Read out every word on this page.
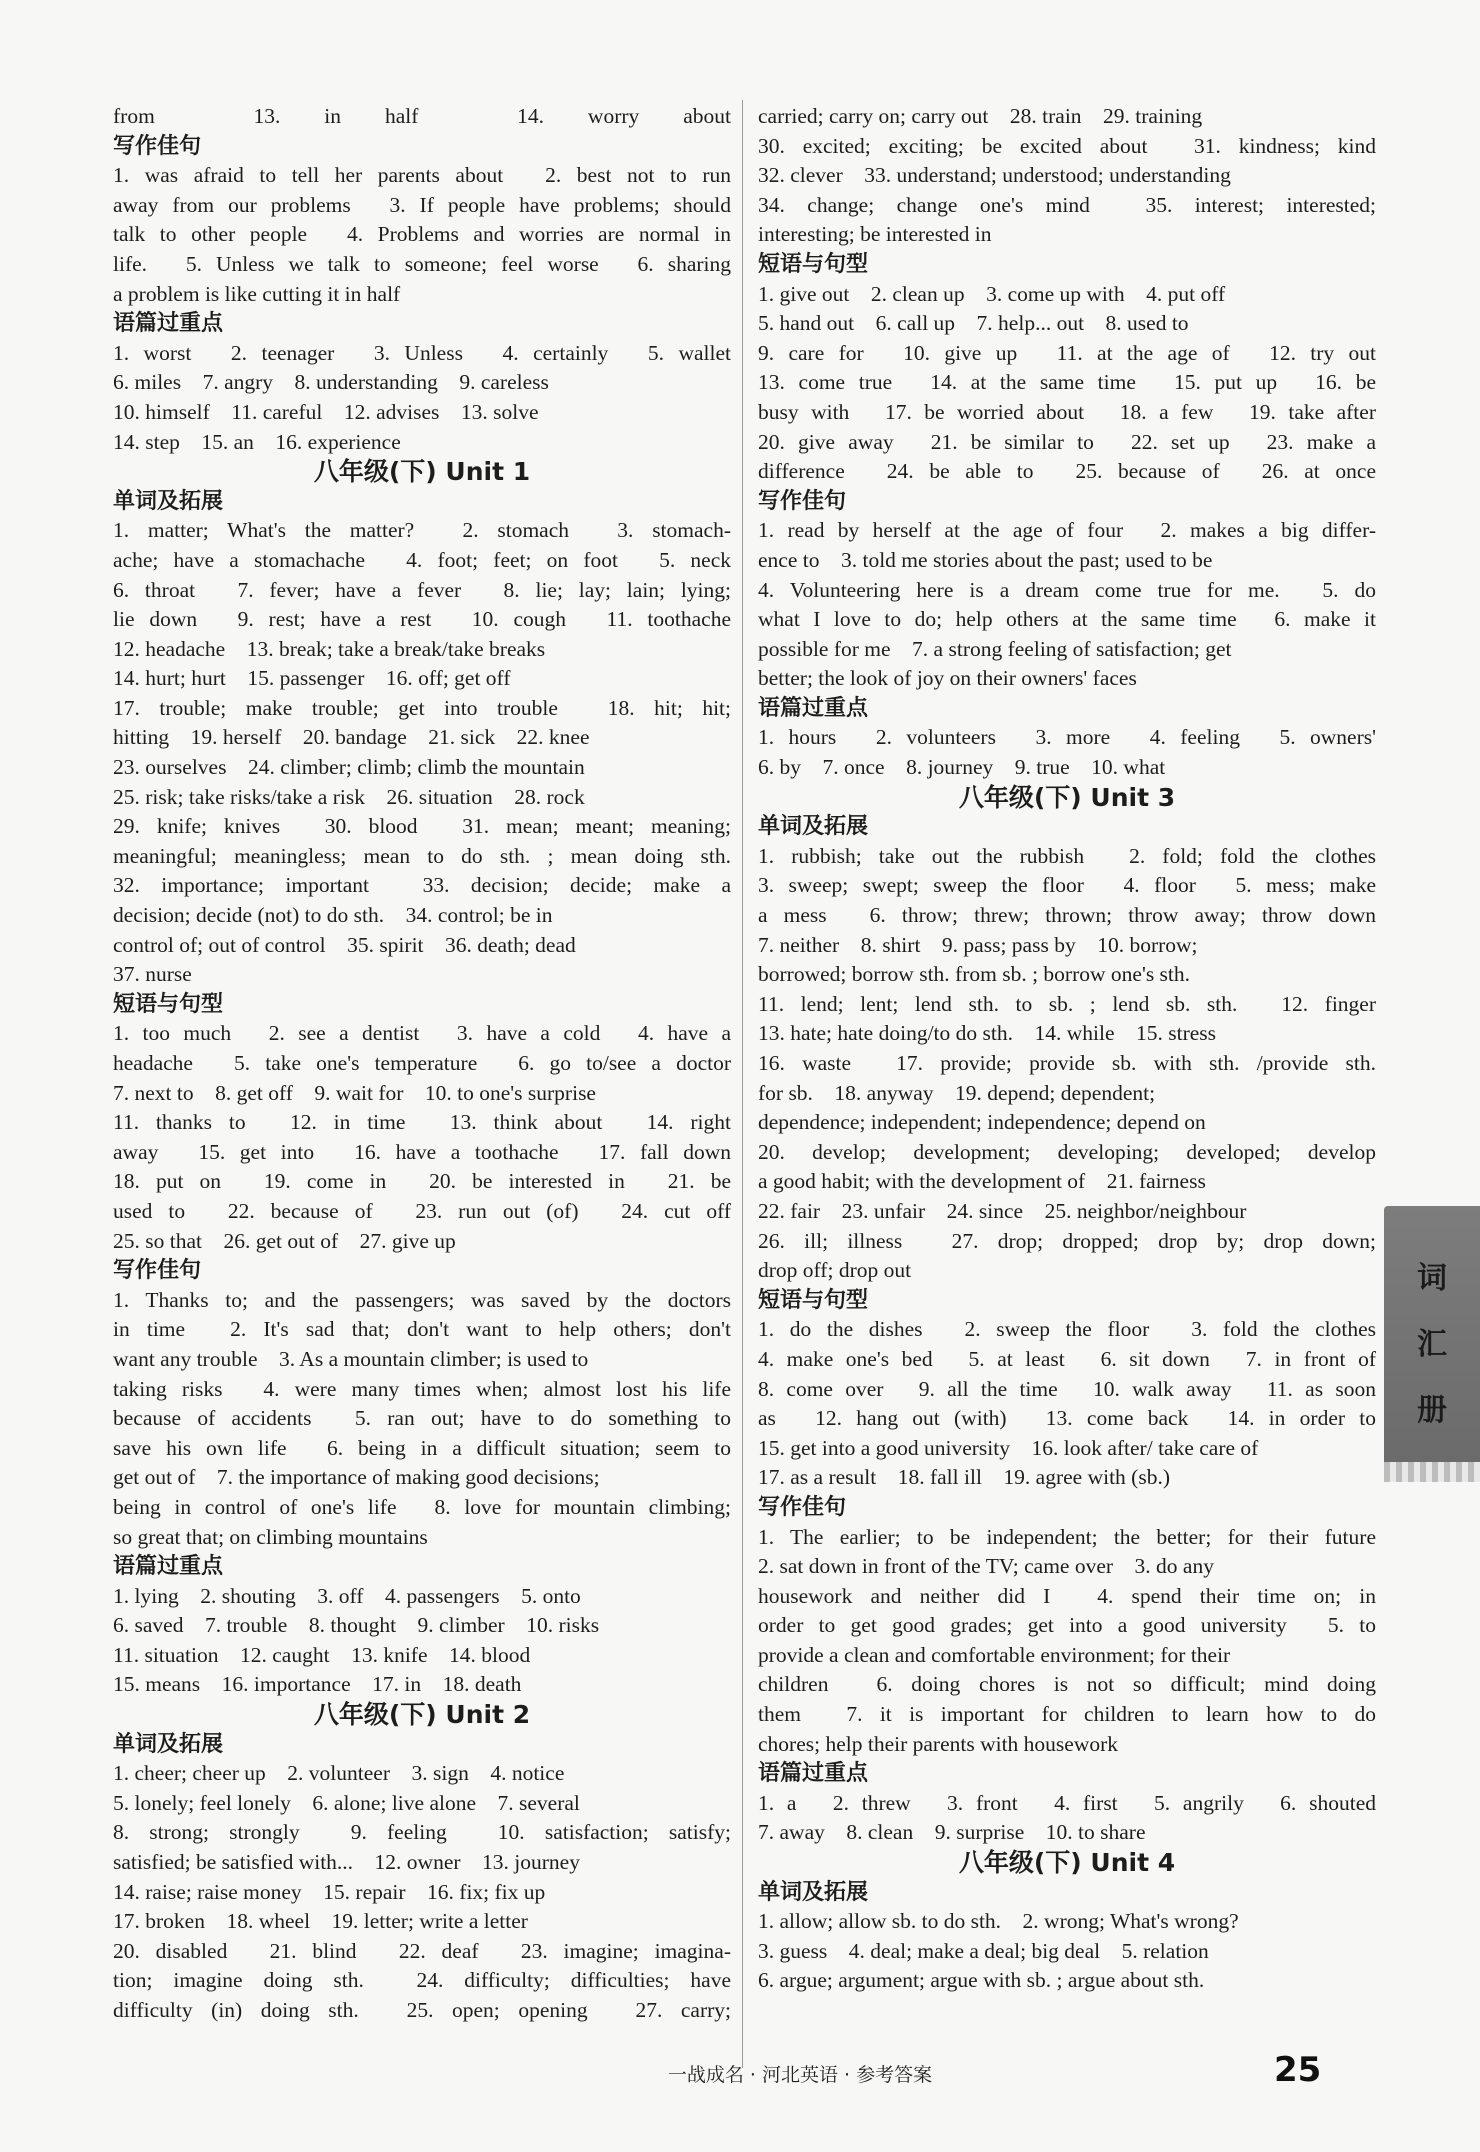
from　13. in half　14. worry about
写作佳句
1. was afraid to tell her parents about　2. best not to run
away from our problems　3. If people have problems; should
talk to other people　4. Problems and worries are normal in
life.　5. Unless we talk to someone; feel worse　6. sharing
a problem is like cutting it in half
语篇过重点
1. worst　2. teenager　3. Unless　4. certainly　5. wallet
6. miles　7. angry　8. understanding　9. careless
10. himself　11. careful　12. advises　13. solve
14. step　15. an　16. experience
八年级(下) Unit 1
单词及拓展
1. matter; What's the matter?　2. stomach　3. stomach-
ache; have a stomachache　4. foot; feet; on foot　5. neck
6. throat　7. fever; have a fever　8. lie; lay; lain; lying;
lie down　9. rest; have a rest　10. cough　11. toothache
12. headache　13. break; take a break/take breaks
14. hurt; hurt　15. passenger　16. off; get off
17. trouble; make trouble; get into trouble　18. hit; hit;
hitting　19. herself　20. bandage　21. sick　22. knee
23. ourselves　24. climber; climb; climb the mountain
25. risk; take risks/take a risk　26. situation　28. rock
29. knife; knives　30. blood　31. mean; meant; meaning;
meaningful; meaningless; mean to do sth. ; mean doing sth.
32. importance; important　33. decision; decide; make a
decision; decide (not) to do sth.　34. control; be in
control of; out of control　35. spirit　36. death; dead
37. nurse
短语与句型
1. too much　2. see a dentist　3. have a cold　4. have a
headache　5. take one's temperature　6. go to/see a doctor
7. next to　8. get off　9. wait for　10. to one's surprise
11. thanks to　12. in time　13. think about　14. right
away　15. get into　16. have a toothache　17. fall down
18. put on　19. come in　20. be interested in　21. be
used to　22. because of　23. run out (of)　24. cut off
25. so that　26. get out of　27. give up
写作佳句
1. Thanks to; and the passengers; was saved by the doctors
in time　2. It's sad that; don't want to help others; don't
want any trouble　3. As a mountain climber; is used to
taking risks　4. were many times when; almost lost his life
because of accidents　5. ran out; have to do something to
save his own life　6. being in a difficult situation; seem to
get out of　7. the importance of making good decisions;
being in control of one's life　8. love for mountain climbing;
so great that; on climbing mountains
语篇过重点
1. lying　2. shouting　3. off　4. passengers　5. onto
6. saved　7. trouble　8. thought　9. climber　10. risks
11. situation　12. caught　13. knife　14. blood
15. means　16. importance　17. in　18. death
八年级(下) Unit 2
单词及拓展
1. cheer; cheer up　2. volunteer　3. sign　4. notice
5. lonely; feel lonely　6. alone; live alone　7. several
8. strong; strongly　9. feeling　10. satisfaction; satisfy;
satisfied; be satisfied with...　12. owner　13. journey
14. raise; raise money　15. repair　16. fix; fix up
17. broken　18. wheel　19. letter; write a letter
20. disabled　21. blind　22. deaf　23. imagine; imagina-
tion; imagine doing sth.　24. difficulty; difficulties; have
difficulty (in) doing sth.　25. open; opening　27. carry;
carried; carry on; carry out　28. train　29. training
30. excited; exciting; be excited about　31. kindness; kind
32. clever　33. understand; understood; understanding
34. change; change one's mind　35. interest; interested;
interesting; be interested in
短语与句型
1. give out　2. clean up　3. come up with　4. put off
5. hand out　6. call up　7. help... out　8. used to
9. care for　10. give up　11. at the age of　12. try out
13. come true　14. at the same time　15. put up　16. be
busy with　17. be worried about　18. a few　19. take after
20. give away　21. be similar to　22. set up　23. make a
difference　24. be able to　25. because of　26. at once
写作佳句
1. read by herself at the age of four　2. makes a big differ-
ence to　3. told me stories about the past; used to be
4. Volunteering here is a dream come true for me.　5. do
what I love to do; help others at the same time　6. make it
possible for me　7. a strong feeling of satisfaction; get
better; the look of joy on their owners' faces
语篇过重点
1. hours　2. volunteers　3. more　4. feeling　5. owners'
6. by　7. once　8. journey　9. true　10. what
八年级(下) Unit 3
单词及拓展
1. rubbish; take out the rubbish　2. fold; fold the clothes
3. sweep; swept; sweep the floor　4. floor　5. mess; make
a mess　6. throw; threw; thrown; throw away; throw down
7. neither　8. shirt　9. pass; pass by　10. borrow;
borrowed; borrow sth. from sb. ; borrow one's sth.
11. lend; lent; lend sth. to sb. ; lend sb. sth.　12. finger
13. hate; hate doing/to do sth.　14. while　15. stress
16. waste　17. provide; provide sb. with sth. /provide sth.
for sb.　18. anyway　19. depend; dependent;
dependence; independent; independence; depend on
20. develop; development; developing; developed; develop
a good habit; with the development of　21. fairness
22. fair　23. unfair　24. since　25. neighbor/neighbour
26. ill; illness　27. drop; dropped; drop by; drop down;
drop off; drop out
短语与句型
1. do the dishes　2. sweep the floor　3. fold the clothes
4. make one's bed　5. at least　6. sit down　7. in front of
8. come over　9. all the time　10. walk away　11. as soon
as　12. hang out (with)　13. come back　14. in order to
15. get into a good university　16. look after/ take care of
17. as a result　18. fall ill　19. agree with (sb.)
写作佳句
1. The earlier; to be independent; the better; for their future
2. sat down in front of the TV; came over　3. do any
housework and neither did I　4. spend their time on; in
order to get good grades; get into a good university　5. to
provide a clean and comfortable environment; for their
children　6. doing chores is not so difficult; mind doing
them　7. it is important for children to learn how to do
chores; help their parents with housework
语篇过重点
1. a　2. threw　3. front　4. first　5. angrily　6. shouted
7. away　8. clean　9. surprise　10. to share
八年级(下) Unit 4
单词及拓展
1. allow; allow sb. to do sth.　2. wrong; What's wrong?
3. guess　4. deal; make a deal; big deal　5. relation
6. argue; argument; argue with sb. ; argue about sth.
词
汇
册
一战成名 · 河北英语 · 参考答案	25
